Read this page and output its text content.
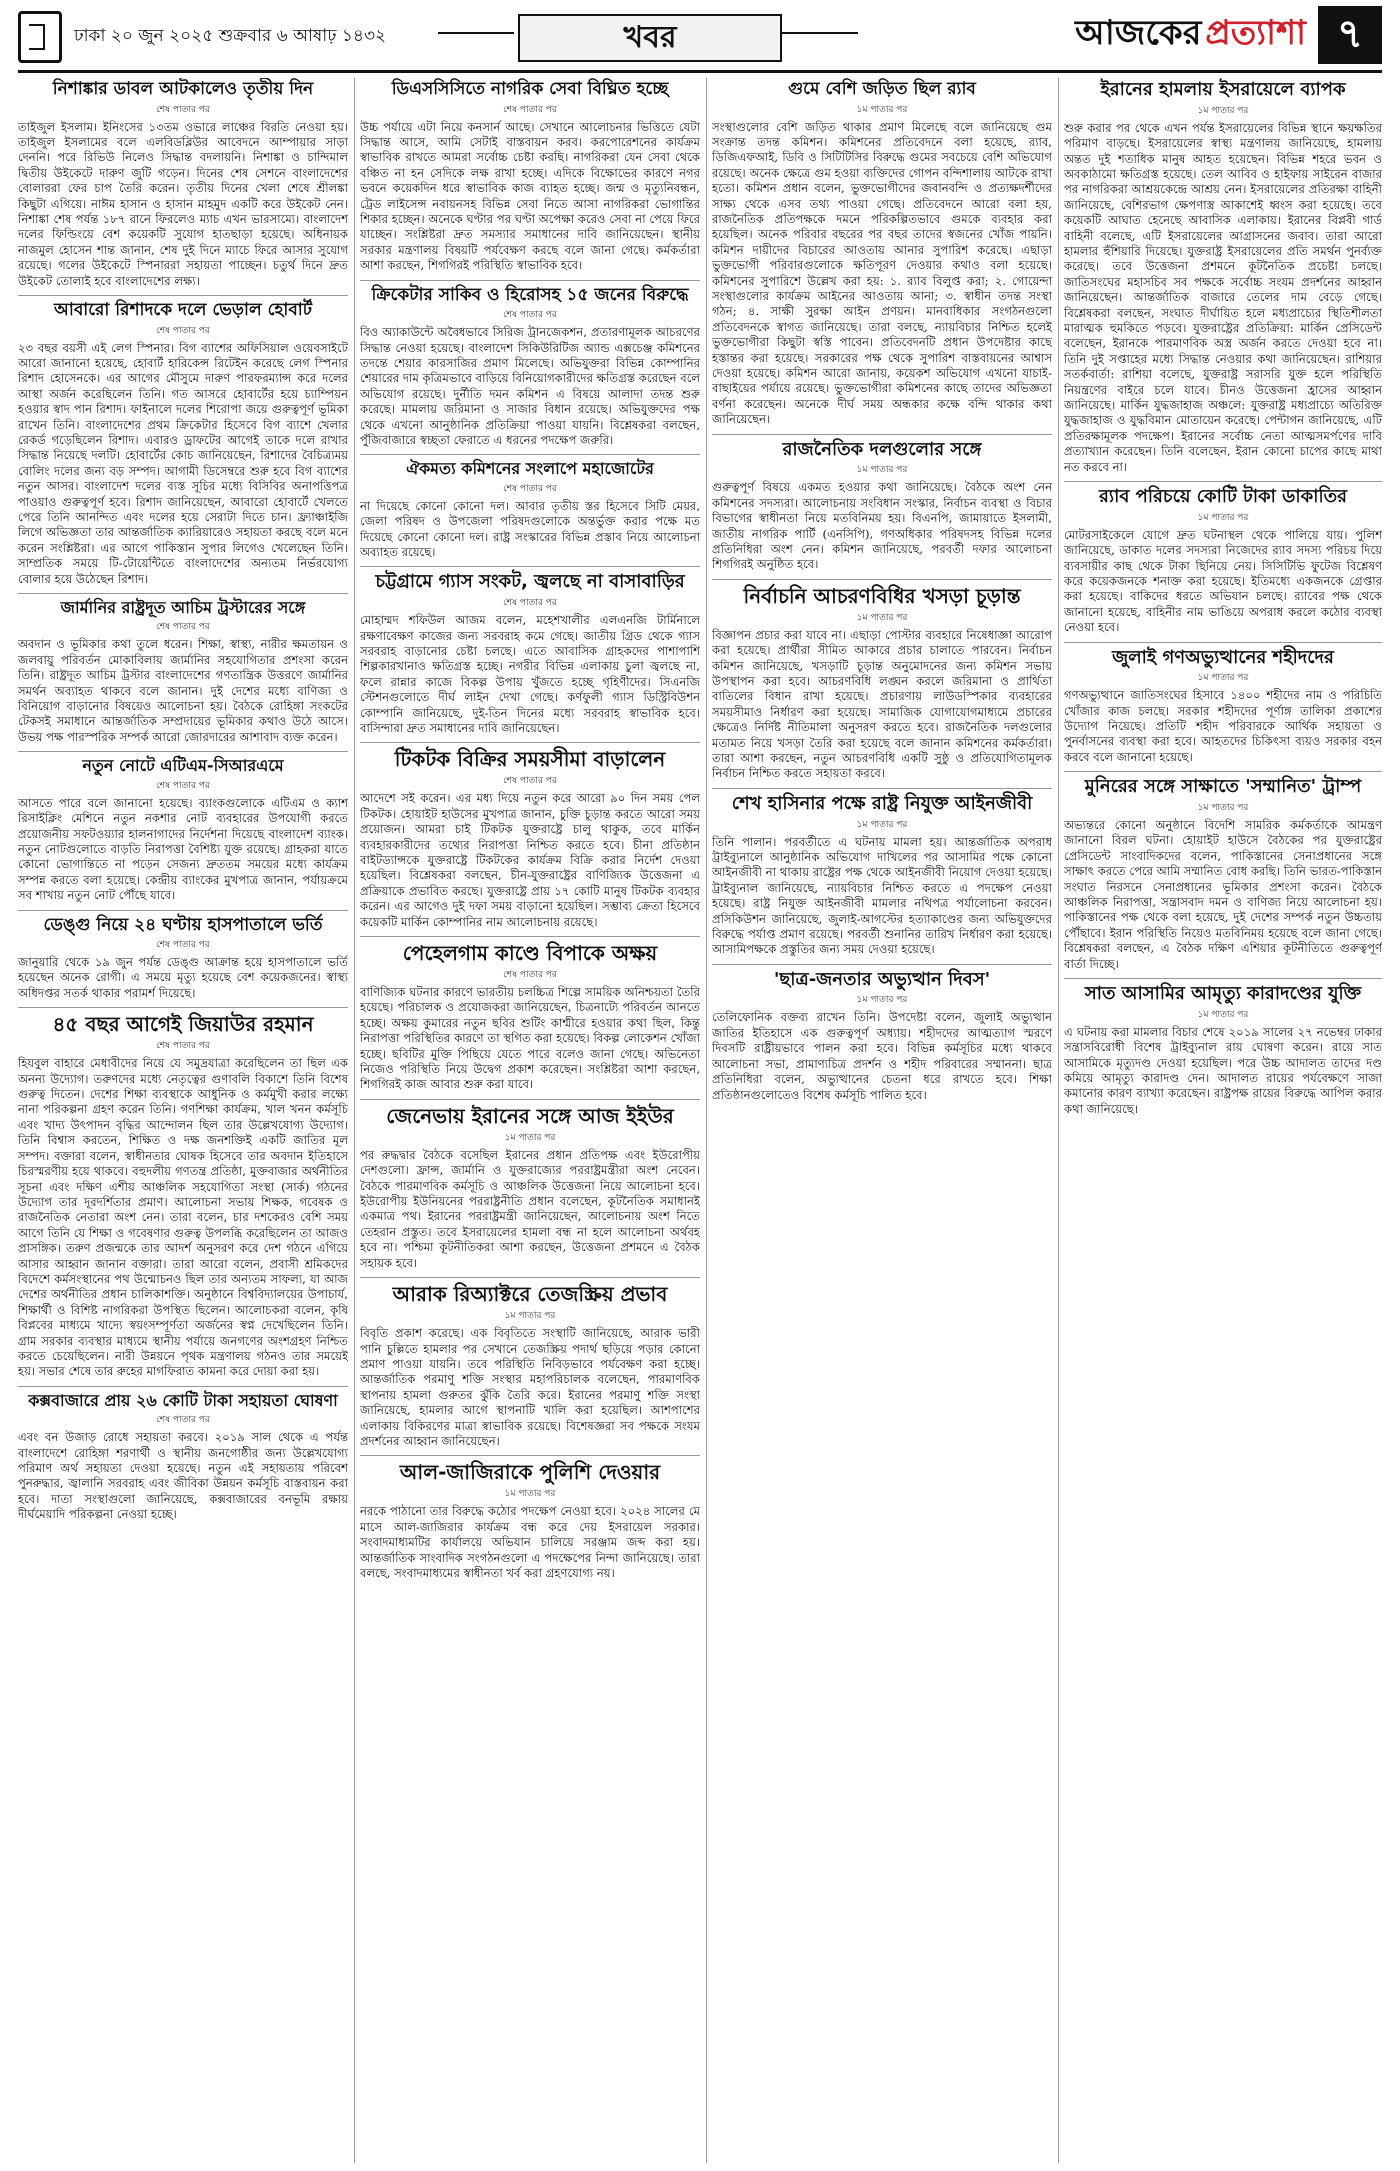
ঢাকা ২০ জুন ২০২৫ শুক্রবার ৬ আষাঢ় ১৪৩২	খবর	আজকের প্রত্যাশা ৭
নিশাঙ্কার ডাবল আটকালেও তৃতীয় দিন
শেষ পাতার পর

তাইজুল ইসলাম। ইনিংসের ১৩তম ওভারে লাঞ্চের বিরতি নেওয়া হয়। তাইজুল ইসলামের বলে এলবিডব্লিউর আবেদনে আম্পায়ার সাড়া দেননি। পরে রিভিউ নিলেও সিদ্ধান্ত বদলায়নি। নিশাঙ্কা ও চান্দিমাল দ্বিতীয় উইকেটে দারুণ জুটি গড়েন। দিনের শেষ সেশনে বাংলাদেশের বোলাররা ফের চাপ তৈরি করেন। তৃতীয় দিনের খেলা শেষে শ্রীলঙ্কা কিছুটা এগিয়ে। নাঈম হাসান ও হাসান মাহমুদ একটি করে উইকেট নেন। নিশাঙ্কা শেষ পর্যন্ত ১৮৭ রানে ফিরলেও ম্যাচ এখন ভারসাম্যে। বাংলাদেশ দলের ফিল্ডিংয়ে বেশ কয়েকটি সুযোগ হাতছাড়া হয়েছে। অধিনায়ক নাজমুল হোসেন শান্ত জানান, শেষ দুই দিনে ম্যাচে ফিরে আসার সুযোগ রয়েছে। গলের উইকেটে স্পিনাররা সহায়তা পাচ্ছেন। চতুর্থ দিনে দ্রুত উইকেট তোলাই হবে বাংলাদেশের লক্ষ্য।

আবারো রিশাদকে দলে ভেড়াল হোবার্ট
শেষ পাতার পর

২৩ বছর বয়সী এই লেগ স্পিনার। বিগ ব্যাশের অফিসিয়াল ওয়েবসাইটে আরো জানানো হয়েছে, হোবার্ট হারিকেন্স রিটেইন করেছে লেগ স্পিনার রিশাদ হোসেনকে। এর আগের মৌসুমে দারুণ পারফরম্যান্স করে দলের আস্থা অর্জন করেছিলেন তিনি। গত আসরে হোবার্টের হয়ে চ্যাম্পিয়ন হওয়ার স্বাদ পান রিশাদ। ফাইনালে দলের শিরোপা জয়ে গুরুত্বপূর্ণ ভূমিকা রাখেন তিনি। বাংলাদেশের প্রথম ক্রিকেটার হিসেবে বিগ ব্যাশে খেলার রেকর্ড গড়েছিলেন রিশাদ। এবারও ড্রাফটের আগেই তাকে দলে রাখার সিদ্ধান্ত নিয়েছে দলটি। হোবার্টের কোচ জানিয়েছেন, রিশাদের বৈচিত্র্যময় বোলিং দলের জন্য বড় সম্পদ। আগামী ডিসেম্বরে শুরু হবে বিগ ব্যাশের নতুন আসর। বাংলাদেশ দলের ব্যস্ত সূচির মধ্যে বিসিবির অনাপত্তিপত্র পাওয়াও গুরুত্বপূর্ণ হবে। রিশাদ জানিয়েছেন, আবারো হোবার্টে খেলতে পেরে তিনি আনন্দিত এবং দলের হয়ে সেরাটা দিতে চান। ফ্র্যাঞ্চাইজি লিগে অভিজ্ঞতা তার আন্তর্জাতিক ক্যারিয়ারেও সহায়তা করছে বলে মনে করেন সংশ্লিষ্টরা। এর আগে পাকিস্তান সুপার লিগেও খেলেছেন তিনি। সাম্প্রতিক সময়ে টি-টোয়েন্টিতে বাংলাদেশের অন্যতম নির্ভরযোগ্য বোলার হয়ে উঠেছেন রিশাদ।

জার্মানির রাষ্ট্রদূত আচিম ট্রস্টারের সঙ্গে
শেষ পাতার পর

অবদান ও ভূমিকার কথা তুলে ধরেন। শিক্ষা, স্বাস্থ্য, নারীর ক্ষমতায়ন ও জলবায়ু পরিবর্তন মোকাবিলায় জার্মানির সহযোগিতার প্রশংসা করেন তিনি। রাষ্ট্রদূত আচিম ট্রস্টার বাংলাদেশের গণতান্ত্রিক উত্তরণে জার্মানির সমর্থন অব্যাহত থাকবে বলে জানান। দুই দেশের মধ্যে বাণিজ্য ও বিনিয়োগ বাড়ানোর বিষয়েও আলোচনা হয়। বৈঠকে রোহিঙ্গা সংকটের টেকসই সমাধানে আন্তর্জাতিক সম্প্রদায়ের ভূমিকার কথাও উঠে আসে। উভয় পক্ষ পারস্পরিক সম্পর্ক আরো জোরদারের আশাবাদ ব্যক্ত করেন।

নতুন নোটে এটিএম-সিআরএমে
শেষ পাতার পর

আসতে পারে বলে জানানো হয়েছে। ব্যাংকগুলোকে এটিএম ও ক্যাশ রিসাইক্লিং মেশিনে নতুন নকশার নোট ব্যবহারের উপযোগী করতে প্রয়োজনীয় সফটওয়্যার হালনাগাদের নির্দেশনা দিয়েছে বাংলাদেশ ব্যাংক। নতুন নোটগুলোতে বাড়তি নিরাপত্তা বৈশিষ্ট্য যুক্ত রয়েছে। গ্রাহকরা যাতে কোনো ভোগান্তিতে না পড়েন সেজন্য দ্রুততম সময়ের মধ্যে কার্যক্রম সম্পন্ন করতে বলা হয়েছে। কেন্দ্রীয় ব্যাংকের মুখপাত্র জানান, পর্যায়ক্রমে সব শাখায় নতুন নোট পৌঁছে যাবে।

ডেঙ্গু নিয়ে ২৪ ঘণ্টায় হাসপাতালে ভর্তি
শেষ পাতার পর

জানুয়ারি থেকে ১৯ জুন পর্যন্ত ডেঙ্গু আক্রান্ত হয়ে হাসপাতালে ভর্তি হয়েছেন অনেক রোগী। এ সময়ে মৃত্যু হয়েছে বেশ কয়েকজনের। স্বাস্থ্য অধিদপ্তর সতর্ক থাকার পরামর্শ দিয়েছে।

৪৫ বছর আগেই জিয়াউর রহমান
শেষ পাতার পর

হিযবুল বাহারে মেধাবীদের নিয়ে যে সমুদ্রযাত্রা করেছিলেন তা ছিল এক অনন্য উদ্যোগ। তরুণদের মধ্যে নেতৃত্বের গুণাবলি বিকাশে তিনি বিশেষ গুরুত্ব দিতেন। দেশের শিক্ষা ব্যবস্থাকে আধুনিক ও কর্মমুখী করার লক্ষ্যে নানা পরিকল্পনা গ্রহণ করেন তিনি। গণশিক্ষা কার্যক্রম, খাল খনন কর্মসূচি এবং খাদ্য উৎপাদন বৃদ্ধির আন্দোলন ছিল তার উল্লেখযোগ্য উদ্যোগ। তিনি বিশ্বাস করতেন, শিক্ষিত ও দক্ষ জনশক্তিই একটি জাতির মূল সম্পদ। বক্তারা বলেন, স্বাধীনতার ঘোষক হিসেবে তার অবদান ইতিহাসে চিরস্মরণীয় হয়ে থাকবে। বহুদলীয় গণতন্ত্র প্রতিষ্ঠা, মুক্তবাজার অর্থনীতির সূচনা এবং দক্ষিণ এশীয় আঞ্চলিক সহযোগিতা সংস্থা (সার্ক) গঠনের উদ্যোগ তার দূরদর্শিতার প্রমাণ। আলোচনা সভায় শিক্ষক, গবেষক ও রাজনৈতিক নেতারা অংশ নেন। তারা বলেন, চার দশকেরও বেশি সময় আগে তিনি যে শিক্ষা ও গবেষণার গুরুত্ব উপলব্ধি করেছিলেন তা আজও প্রাসঙ্গিক। তরুণ প্রজন্মকে তার আদর্শ অনুসরণ করে দেশ গঠনে এগিয়ে আসার আহ্বান জানান বক্তারা। তারা আরো বলেন, প্রবাসী শ্রমিকদের বিদেশে কর্মসংস্থানের পথ উন্মোচনও ছিল তার অন্যতম সাফল্য, যা আজ দেশের অর্থনীতির প্রধান চালিকাশক্তি। অনুষ্ঠানে বিশ্ববিদ্যালয়ের উপাচার্য, শিক্ষার্থী ও বিশিষ্ট নাগরিকরা উপস্থিত ছিলেন। আলোচকরা বলেন, কৃষি বিপ্লবের মাধ্যমে খাদ্যে স্বয়ংসম্পূর্ণতা অর্জনের স্বপ্ন দেখেছিলেন তিনি। গ্রাম সরকার ব্যবস্থার মাধ্যমে স্থানীয় পর্যায়ে জনগণের অংশগ্রহণ নিশ্চিত করতে চেয়েছিলেন। নারী উন্নয়নে পৃথক মন্ত্রণালয় গঠনও তার সময়েই হয়। সভার শেষে তার রুহের মাগফিরাত কামনা করে দোয়া করা হয়।

কক্সবাজারে প্রায় ২৬ কোটি টাকা সহায়তা ঘোষণা
শেষ পাতার পর

এবং বন উজাড় রোধে সহায়তা করবে। ২০১৯ সাল থেকে এ পর্যন্ত বাংলাদেশে রোহিঙ্গা শরণার্থী ও স্থানীয় জনগোষ্ঠীর জন্য উল্লেখযোগ্য পরিমাণ অর্থ সহায়তা দেওয়া হয়েছে। নতুন এই সহায়তায় পরিবেশ পুনরুদ্ধার, জ্বালানি সরবরাহ এবং জীবিকা উন্নয়ন কর্মসূচি বাস্তবায়ন করা হবে। দাতা সংস্থাগুলো জানিয়েছে, কক্সবাজারের বনভূমি রক্ষায় দীর্ঘমেয়াদি পরিকল্পনা নেওয়া হচ্ছে।

ডিএসসিসিতে নাগরিক সেবা বিঘ্নিত হচ্ছে
শেষ পাতার পর

উচ্চ পর্যায়ে এটা নিয়ে কনসার্ন আছে। সেখানে আলোচনার ভিত্তিতে যেটা সিদ্ধান্ত আসে, আমি সেটাই বাস্তবায়ন করব। করপোরেশনের কার্যক্রম স্বাভাবিক রাখতে আমরা সর্বোচ্চ চেষ্টা করছি। নাগরিকরা যেন সেবা থেকে বঞ্চিত না হন সেদিকে লক্ষ রাখা হচ্ছে। এদিকে বিক্ষোভের কারণে নগর ভবনে কয়েকদিন ধরে স্বাভাবিক কাজ ব্যাহত হচ্ছে। জন্ম ও মৃত্যুনিবন্ধন, ট্রেড লাইসেন্স নবায়নসহ বিভিন্ন সেবা নিতে আসা নাগরিকরা ভোগান্তির শিকার হচ্ছেন। অনেকে ঘণ্টার পর ঘণ্টা অপেক্ষা করেও সেবা না পেয়ে ফিরে যাচ্ছেন। সংশ্লিষ্টরা দ্রুত সমস্যার সমাধানের দাবি জানিয়েছেন। স্থানীয় সরকার মন্ত্রণালয় বিষয়টি পর্যবেক্ষণ করছে বলে জানা গেছে। কর্মকর্তারা আশা করছেন, শিগগিরই পরিস্থিতি স্বাভাবিক হবে।

ক্রিকেটার সাকিব ও হিরোসহ ১৫ জনের বিরুদ্ধে
শেষ পাতার পর

বিও অ্যাকাউন্টে অবৈধভাবে সিরিজ ট্রানজেকশন, প্রতারণামূলক আচরণের সিদ্ধান্ত নেওয়া হয়েছে। বাংলাদেশ সিকিউরিটিজ অ্যান্ড এক্সচেঞ্জ কমিশনের তদন্তে শেয়ার কারসাজির প্রমাণ মিলেছে। অভিযুক্তরা বিভিন্ন কোম্পানির শেয়ারের দাম কৃত্রিমভাবে বাড়িয়ে বিনিয়োগকারীদের ক্ষতিগ্রস্ত করেছেন বলে অভিযোগ রয়েছে। দুর্নীতি দমন কমিশন এ বিষয়ে আলাদা তদন্ত শুরু করেছে। মামলায় জরিমানা ও সাজার বিধান রয়েছে। অভিযুক্তদের পক্ষ থেকে এখনো আনুষ্ঠানিক প্রতিক্রিয়া পাওয়া যায়নি। বিশ্লেষকরা বলছেন, পুঁজিবাজারে স্বচ্ছতা ফেরাতে এ ধরনের পদক্ষেপ জরুরি।

ঐকমত্য কমিশনের সংলাপে মহাজোটের
শেষ পাতার পর

না দিয়েছে কোনো কোনো দল। আবার তৃতীয় স্তর হিসেবে সিটি মেয়র, জেলা পরিষদ ও উপজেলা পরিষদগুলোকে অন্তর্ভুক্ত করার পক্ষে মত দিয়েছে কোনো কোনো দল। রাষ্ট্র সংস্কারের বিভিন্ন প্রস্তাব নিয়ে আলোচনা অব্যাহত রয়েছে।

চট্টগ্রামে গ্যাস সংকট, জ্বলছে না বাসাবাড়ির
শেষ পাতার পর

মোহাম্মদ শফিউল আজম বলেন, মহেশখালীর এলএনজি টার্মিনালে রক্ষণাবেক্ষণ কাজের জন্য সরবরাহ কমে গেছে। জাতীয় গ্রিড থেকে গ্যাস সরবরাহ বাড়ানোর চেষ্টা চলছে। এতে আবাসিক গ্রাহকদের পাশাপাশি শিল্পকারখানাও ক্ষতিগ্রস্ত হচ্ছে। নগরীর বিভিন্ন এলাকায় চুলা জ্বলছে না, ফলে রান্নার কাজে বিকল্প উপায় খুঁজতে হচ্ছে গৃহিণীদের। সিএনজি স্টেশনগুলোতে দীর্ঘ লাইন দেখা গেছে। কর্ণফুলী গ্যাস ডিস্ট্রিবিউশন কোম্পানি জানিয়েছে, দুই-তিন দিনের মধ্যে সরবরাহ স্বাভাবিক হবে। বাসিন্দারা দ্রুত সমাধানের দাবি জানিয়েছেন।

টিকটক বিক্রির সময়সীমা বাড়ালেন
শেষ পাতার পর

আদেশে সই করেন। এর মধ্য দিয়ে নতুন করে আরো ৯০ দিন সময় পেল টিকটক। হোয়াইট হাউসের মুখপাত্র জানান, চুক্তি চূড়ান্ত করতে আরো সময় প্রয়োজন। আমরা চাই টিকটক যুক্তরাষ্ট্রে চালু থাকুক, তবে মার্কিন ব্যবহারকারীদের তথ্যের নিরাপত্তা নিশ্চিত করতে হবে। চীনা প্রতিষ্ঠান বাইটড্যান্সকে যুক্তরাষ্ট্রে টিকটকের কার্যক্রম বিক্রি করার নির্দেশ দেওয়া হয়েছিল। বিশ্লেষকরা বলছেন, চীন-যুক্তরাষ্ট্রের বাণিজ্যিক উত্তেজনা এ প্রক্রিয়াকে প্রভাবিত করছে। যুক্তরাষ্ট্রে প্রায় ১৭ কোটি মানুষ টিকটক ব্যবহার করেন। এর আগেও দুই দফা সময় বাড়ানো হয়েছিল। সম্ভাব্য ক্রেতা হিসেবে কয়েকটি মার্কিন কোম্পানির নাম আলোচনায় রয়েছে।

পেহেলগাম কাণ্ডে বিপাকে অক্ষয়
শেষ পাতার পর

বাণিজ্যিক ঘটনার কারণে ভারতীয় চলচ্চিত্র শিল্পে সাময়িক অনিশ্চয়তা তৈরি হয়েছে। পরিচালক ও প্রযোজকরা জানিয়েছেন, চিত্রনাট্যে পরিবর্তন আনতে হচ্ছে। অক্ষয় কুমারের নতুন ছবির শুটিং কাশ্মীরে হওয়ার কথা ছিল, কিন্তু নিরাপত্তা পরিস্থিতির কারণে তা স্থগিত করা হয়েছে। বিকল্প লোকেশন খোঁজা হচ্ছে। ছবিটির মুক্তি পিছিয়ে যেতে পারে বলেও জানা গেছে। অভিনেতা নিজেও পরিস্থিতি নিয়ে উদ্বেগ প্রকাশ করেছেন। সংশ্লিষ্টরা আশা করছেন, শিগগিরই কাজ আবার শুরু করা যাবে।

জেনেভায় ইরানের সঙ্গে আজ ইইউর
১ম পাতার পর

পর রুদ্ধদ্বার বৈঠকে বসেছিল ইরানের প্রধান প্রতিপক্ষ এবং ইউরোপীয় দেশগুলো। ফ্রান্স, জার্মানি ও যুক্তরাজ্যের পররাষ্ট্রমন্ত্রীরা অংশ নেবেন। বৈঠকে পারমাণবিক কর্মসূচি ও আঞ্চলিক উত্তেজনা নিয়ে আলোচনা হবে। ইউরোপীয় ইউনিয়নের পররাষ্ট্রনীতি প্রধান বলেছেন, কূটনৈতিক সমাধানই একমাত্র পথ। ইরানের পররাষ্ট্রমন্ত্রী জানিয়েছেন, আলোচনায় অংশ নিতে তেহরান প্রস্তুত। তবে ইসরায়েলের হামলা বন্ধ না হলে আলোচনা অর্থবহ হবে না। পশ্চিমা কূটনীতিকরা আশা করছেন, উত্তেজনা প্রশমনে এ বৈঠক সহায়ক হবে।

আরাক রিঅ্যাক্টরে তেজস্ক্রিয় প্রভাব
১ম পাতার পর

বিবৃতি প্রকাশ করেছে। এক বিবৃতিতে সংস্থাটি জানিয়েছে, আরাক ভারী পানি চুল্লিতে হামলার পর সেখানে তেজস্ক্রিয় পদার্থ ছড়িয়ে পড়ার কোনো প্রমাণ পাওয়া যায়নি। তবে পরিস্থিতি নিবিড়ভাবে পর্যবেক্ষণ করা হচ্ছে। আন্তর্জাতিক পরমাণু শক্তি সংস্থার মহাপরিচালক বলেছেন, পারমাণবিক স্থাপনায় হামলা গুরুতর ঝুঁকি তৈরি করে। ইরানের পরমাণু শক্তি সংস্থা জানিয়েছে, হামলার আগে স্থাপনাটি খালি করা হয়েছিল। আশপাশের এলাকায় বিকিরণের মাত্রা স্বাভাবিক রয়েছে। বিশেষজ্ঞরা সব পক্ষকে সংযম প্রদর্শনের আহ্বান জানিয়েছেন।

আল-জাজিরাকে পুলিশি দেওয়ার
১ম পাতার পর

নরকে পাঠানো তার বিরুদ্ধে কঠোর পদক্ষেপ নেওয়া হবে। ২০২৪ সালের মে মাসে আল-জাজিরার কার্যক্রম বন্ধ করে দেয় ইসরায়েল সরকার। সংবাদমাধ্যমটির কার্যালয়ে অভিযান চালিয়ে সরঞ্জাম জব্দ করা হয়। আন্তর্জাতিক সাংবাদিক সংগঠনগুলো এ পদক্ষেপের নিন্দা জানিয়েছে। তারা বলছে, সংবাদমাধ্যমের স্বাধীনতা খর্ব করা গ্রহণযোগ্য নয়।

গুমে বেশি জড়িত ছিল র‍্যাব
১ম পাতার পর

সংস্থাগুলোর বেশি জড়িত থাকার প্রমাণ মিলেছে বলে জানিয়েছে গুম সংক্রান্ত তদন্ত কমিশন। কমিশনের প্রতিবেদনে বলা হয়েছে, র‍্যাব, ডিজিএফআই, ডিবি ও সিটিটিসির বিরুদ্ধে গুমের সবচেয়ে বেশি অভিযোগ রয়েছে। অনেক ক্ষেত্রে গুম হওয়া ব্যক্তিদের গোপন বন্দিশালায় আটকে রাখা হতো। কমিশন প্রধান বলেন, ভুক্তভোগীদের জবানবন্দি ও প্রত্যক্ষদর্শীদের সাক্ষ্য থেকে এসব তথ্য পাওয়া গেছে। প্রতিবেদনে আরো বলা হয়, রাজনৈতিক প্রতিপক্ষকে দমনে পরিকল্পিতভাবে গুমকে ব্যবহার করা হয়েছিল। অনেক পরিবার বছরের পর বছর তাদের স্বজনের খোঁজ পায়নি। কমিশন দায়ীদের বিচারের আওতায় আনার সুপারিশ করেছে। এছাড়া ভুক্তভোগী পরিবারগুলোকে ক্ষতিপূরণ দেওয়ার কথাও বলা হয়েছে। কমিশনের সুপারিশে উল্লেখ করা হয়: ১. র‍্যাব বিলুপ্ত করা; ২. গোয়েন্দা সংস্থাগুলোর কার্যক্রম আইনের আওতায় আনা; ৩. স্বাধীন তদন্ত সংস্থা গঠন; ৪. সাক্ষী সুরক্ষা আইন প্রণয়ন। মানবাধিকার সংগঠনগুলো প্রতিবেদনকে স্বাগত জানিয়েছে। তারা বলছে, ন্যায়বিচার নিশ্চিত হলেই ভুক্তভোগীরা কিছুটা স্বস্তি পাবেন। প্রতিবেদনটি প্রধান উপদেষ্টার কাছে হস্তান্তর করা হয়েছে। সরকারের পক্ষ থেকে সুপারিশ বাস্তবায়নের আশ্বাস দেওয়া হয়েছে। কমিশন আরো জানায়, কয়েকশ অভিযোগ এখনো যাচাই-বাছাইয়ের পর্যায়ে রয়েছে। ভুক্তভোগীরা কমিশনের কাছে তাদের অভিজ্ঞতা বর্ণনা করেছেন। অনেকে দীর্ঘ সময় অন্ধকার কক্ষে বন্দি থাকার কথা জানিয়েছেন।

রাজনৈতিক দলগুলোর সঙ্গে
১ম পাতার পর

গুরুত্বপূর্ণ বিষয়ে একমত হওয়ার কথা জানিয়েছে। বৈঠকে অংশ নেন কমিশনের সদস্যরা। আলোচনায় সংবিধান সংস্কার, নির্বাচন ব্যবস্থা ও বিচার বিভাগের স্বাধীনতা নিয়ে মতবিনিময় হয়। বিএনপি, জামায়াতে ইসলামী, জাতীয় নাগরিক পার্টি (এনসিপি), গণঅধিকার পরিষদসহ বিভিন্ন দলের প্রতিনিধিরা অংশ নেন। কমিশন জানিয়েছে, পরবর্তী দফার আলোচনা শিগগিরই অনুষ্ঠিত হবে।

নির্বাচনি আচরণবিধির খসড়া চূড়ান্ত
১ম পাতার পর

বিজ্ঞাপন প্রচার করা যাবে না। এছাড়া পোস্টার ব্যবহারে নিষেধাজ্ঞা আরোপ করা হয়েছে। প্রার্থীরা সীমিত আকারে প্রচার চালাতে পারবেন। নির্বাচন কমিশন জানিয়েছে, খসড়াটি চূড়ান্ত অনুমোদনের জন্য কমিশন সভায় উপস্থাপন করা হবে। আচরণবিধি লঙ্ঘন করলে জরিমানা ও প্রার্থিতা বাতিলের বিধান রাখা হয়েছে। প্রচারণায় লাউডস্পিকার ব্যবহারের সময়সীমাও নির্ধারণ করা হয়েছে। সামাজিক যোগাযোগমাধ্যমে প্রচারের ক্ষেত্রেও নির্দিষ্ট নীতিমালা অনুসরণ করতে হবে। রাজনৈতিক দলগুলোর মতামত নিয়ে খসড়া তৈরি করা হয়েছে বলে জানান কমিশনের কর্মকর্তারা। তারা আশা করছেন, নতুন আচরণবিধি একটি সুষ্ঠু ও প্রতিযোগিতামূলক নির্বাচন নিশ্চিত করতে সহায়তা করবে।

শেখ হাসিনার পক্ষে রাষ্ট্র নিযুক্ত আইনজীবী
১ম পাতার পর

তিনি পালান। পরবর্তীতে এ ঘটনায় মামলা হয়। আন্তর্জাতিক অপরাধ ট্রাইব্যুনালে আনুষ্ঠানিক অভিযোগ দাখিলের পর আসামির পক্ষে কোনো আইনজীবী না থাকায় রাষ্ট্রের পক্ষ থেকে আইনজীবী নিয়োগ দেওয়া হয়েছে। ট্রাইব্যুনাল জানিয়েছে, ন্যায়বিচার নিশ্চিত করতে এ পদক্ষেপ নেওয়া হয়েছে। রাষ্ট্র নিযুক্ত আইনজীবী মামলার নথিপত্র পর্যালোচনা করবেন। প্রসিকিউশন জানিয়েছে, জুলাই-আগস্টের হত্যাকাণ্ডের জন্য অভিযুক্তদের বিরুদ্ধে পর্যাপ্ত প্রমাণ রয়েছে। পরবর্তী শুনানির তারিখ নির্ধারণ করা হয়েছে। আসামিপক্ষকে প্রস্তুতির জন্য সময় দেওয়া হয়েছে।

'ছাত্র-জনতার অভ্যুত্থান দিবস'
১ম পাতার পর

তেলিফোনিক বক্তব্য রাখেন তিনি। উপদেষ্টা বলেন, জুলাই অভ্যুত্থান জাতির ইতিহাসে এক গুরুত্বপূর্ণ অধ্যায়। শহীদদের আত্মত্যাগ স্মরণে দিবসটি রাষ্ট্রীয়ভাবে পালন করা হবে। বিভিন্ন কর্মসূচির মধ্যে থাকবে আলোচনা সভা, প্রামাণ্যচিত্র প্রদর্শন ও শহীদ পরিবারের সম্মাননা। ছাত্র প্রতিনিধিরা বলেন, অভ্যুত্থানের চেতনা ধরে রাখতে হবে। শিক্ষা প্রতিষ্ঠানগুলোতেও বিশেষ কর্মসূচি পালিত হবে।

ইরানের হামলায় ইসরায়েলে ব্যাপক
১ম পাতার পর

শুরু করার পর থেকে এখন পর্যন্ত ইসরায়েলের বিভিন্ন স্থানে ক্ষয়ক্ষতির পরিমাণ বাড়ছে। ইসরায়েলের স্বাস্থ্য মন্ত্রণালয় জানিয়েছে, হামলায় অন্তত দুই শতাধিক মানুষ আহত হয়েছেন। বিভিন্ন শহরে ভবন ও অবকাঠামো ক্ষতিগ্রস্ত হয়েছে। তেল আবিব ও হাইফায় সাইরেন বাজার পর নাগরিকরা আশ্রয়কেন্দ্রে আশ্রয় নেন। ইসরায়েলের প্রতিরক্ষা বাহিনী জানিয়েছে, বেশিরভাগ ক্ষেপণাস্ত্র আকাশেই ধ্বংস করা হয়েছে। তবে কয়েকটি আঘাত হেনেছে আবাসিক এলাকায়। ইরানের বিপ্লবী গার্ড বাহিনী বলেছে, এটি ইসরায়েলের আগ্রাসনের জবাব। তারা আরো হামলার হুঁশিয়ারি দিয়েছে। যুক্তরাষ্ট্র ইসরায়েলের প্রতি সমর্থন পুনর্ব্যক্ত করেছে। তবে উত্তেজনা প্রশমনে কূটনৈতিক প্রচেষ্টা চলছে। জাতিসংঘের মহাসচিব সব পক্ষকে সর্বোচ্চ সংযম প্রদর্শনের আহ্বান জানিয়েছেন। আন্তর্জাতিক বাজারে তেলের দাম বেড়ে গেছে। বিশ্লেষকরা বলছেন, সংঘাত দীর্ঘায়িত হলে মধ্যপ্রাচ্যের স্থিতিশীলতা মারাত্মক হুমকিতে পড়বে। যুক্তরাষ্ট্রের প্রতিক্রিয়া: মার্কিন প্রেসিডেন্ট বলেছেন, ইরানকে পারমাণবিক অস্ত্র অর্জন করতে দেওয়া হবে না। তিনি দুই সপ্তাহের মধ্যে সিদ্ধান্ত নেওয়ার কথা জানিয়েছেন। রাশিয়ার সতর্কবার্তা: রাশিয়া বলেছে, যুক্তরাষ্ট্র সরাসরি যুক্ত হলে পরিস্থিতি নিয়ন্ত্রণের বাইরে চলে যাবে। চীনও উত্তেজনা হ্রাসের আহ্বান জানিয়েছে। মার্কিন যুদ্ধজাহাজ অঞ্চলে: যুক্তরাষ্ট্র মধ্যপ্রাচ্যে অতিরিক্ত যুদ্ধজাহাজ ও যুদ্ধবিমান মোতায়েন করেছে। পেন্টাগন জানিয়েছে, এটি প্রতিরক্ষামূলক পদক্ষেপ। ইরানের সর্বোচ্চ নেতা আত্মসমর্পণের দাবি প্রত্যাখ্যান করেছেন। তিনি বলেছেন, ইরান কোনো চাপের কাছে মাথা নত করবে না।

র‍্যাব পরিচয়ে কোটি টাকা ডাকাতির
১ম পাতার পর

মোটরসাইকেলে যোগে দ্রুত ঘটনাস্থল থেকে পালিয়ে যায়। পুলিশ জানিয়েছে, ডাকাত দলের সদস্যরা নিজেদের র‍্যাব সদস্য পরিচয় দিয়ে ব্যবসায়ীর কাছ থেকে টাকা ছিনিয়ে নেয়। সিসিটিভি ফুটেজ বিশ্লেষণ করে কয়েকজনকে শনাক্ত করা হয়েছে। ইতিমধ্যে একজনকে গ্রেপ্তার করা হয়েছে। বাকিদের ধরতে অভিযান চলছে। র‍্যাবের পক্ষ থেকে জানানো হয়েছে, বাহিনীর নাম ভাঙিয়ে অপরাধ করলে কঠোর ব্যবস্থা নেওয়া হবে।

জুলাই গণঅভ্যুত্থানের শহীদদের
১ম পাতার পর

গণঅভ্যুত্থানে জাতিসংঘের হিসাবে ১৪০০ শহীদের নাম ও পরিচিতি খোঁজার কাজ চলছে। সরকার শহীদদের পূর্ণাঙ্গ তালিকা প্রকাশের উদ্যোগ নিয়েছে। প্রতিটি শহীদ পরিবারকে আর্থিক সহায়তা ও পুনর্বাসনের ব্যবস্থা করা হবে। আহতদের চিকিৎসা ব্যয়ও সরকার বহন করবে বলে জানানো হয়েছে।

মুনিরের সঙ্গে সাক্ষাতে 'সম্মানিত' ট্রাম্প
১ম পাতার পর

অভ্যন্তরে কোনো অনুষ্ঠানে বিদেশি সামরিক কর্মকর্তাকে আমন্ত্রণ জানানো বিরল ঘটনা। হোয়াইট হাউসে বৈঠকের পর যুক্তরাষ্ট্রের প্রেসিডেন্ট সাংবাদিকদের বলেন, পাকিস্তানের সেনাপ্রধানের সঙ্গে সাক্ষাৎ করতে পেরে আমি সম্মানিত বোধ করছি। তিনি ভারত-পাকিস্তান সংঘাত নিরসনে সেনাপ্রধানের ভূমিকার প্রশংসা করেন। বৈঠকে আঞ্চলিক নিরাপত্তা, সন্ত্রাসবাদ দমন ও বাণিজ্য নিয়ে আলোচনা হয়। পাকিস্তানের পক্ষ থেকে বলা হয়েছে, দুই দেশের সম্পর্ক নতুন উচ্চতায় পৌঁছাবে। ইরান পরিস্থিতি নিয়েও মতবিনিময় হয়েছে বলে জানা গেছে। বিশ্লেষকরা বলছেন, এ বৈঠক দক্ষিণ এশিয়ার কূটনীতিতে গুরুত্বপূর্ণ বার্তা দিচ্ছে।

সাত আসামির আমৃত্যু কারাদণ্ডের যুক্তি
১ম পাতার পর

এ ঘটনায় করা মামলার বিচার শেষে ২০১৯ সালের ২৭ নভেম্বর ঢাকার সন্ত্রাসবিরোধী বিশেষ ট্রাইব্যুনাল রায় ঘোষণা করেন। রায়ে সাত আসামিকে মৃত্যুদণ্ড দেওয়া হয়েছিল। পরে উচ্চ আদালত তাদের দণ্ড কমিয়ে আমৃত্যু কারাদণ্ড দেন। আদালত রায়ের পর্যবেক্ষণে সাজা কমানোর কারণ ব্যাখ্যা করেছেন। রাষ্ট্রপক্ষ রায়ের বিরুদ্ধে আপিল করার কথা জানিয়েছে।
